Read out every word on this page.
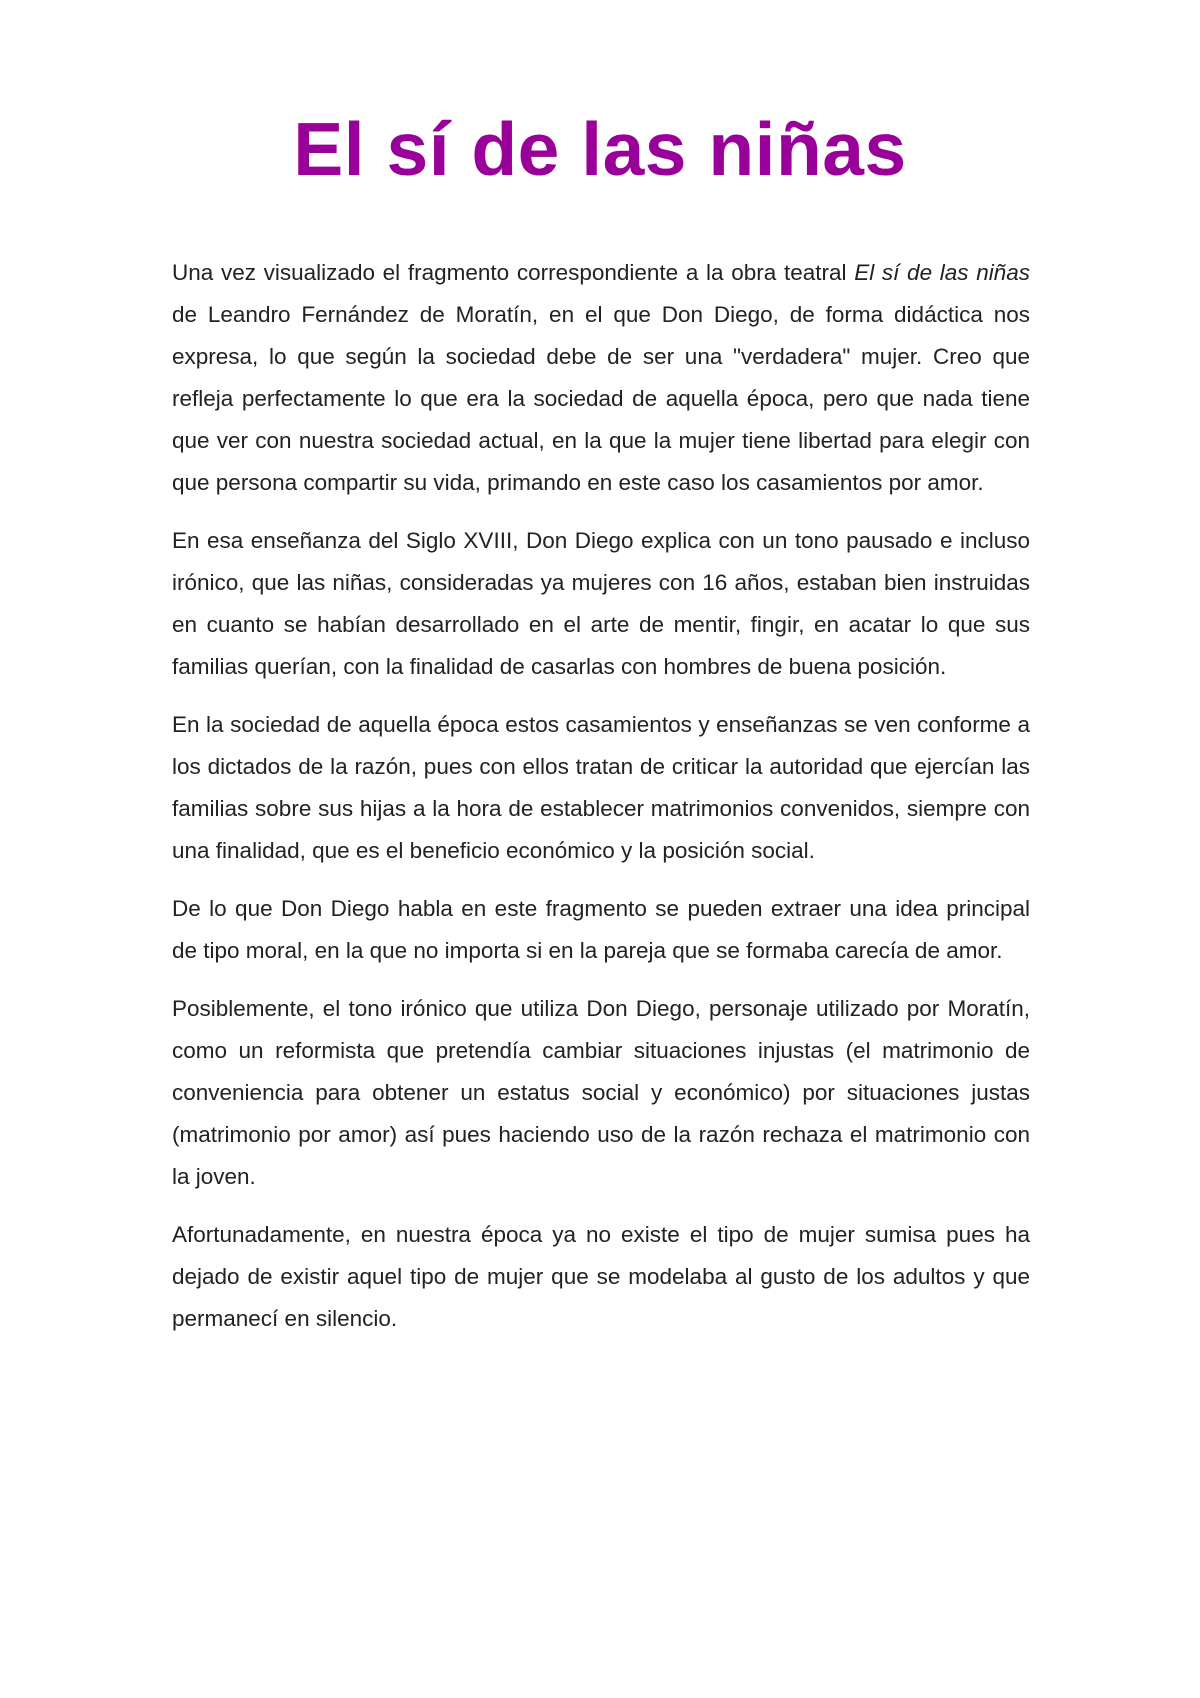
El sí de las niñas

Una vez visualizado el fragmento correspondiente a la obra teatral El sí de las niñas de Leandro Fernández de Moratín, en el que Don Diego, de forma didáctica nos expresa, lo que según la sociedad debe de ser una "verdadera" mujer. Creo que refleja perfectamente lo que era la sociedad de aquella época, pero que nada tiene que ver con nuestra sociedad actual, en la que la mujer tiene libertad para elegir con que persona compartir su vida, primando en este caso los casamientos por amor.

En esa enseñanza del Siglo XVIII, Don Diego explica con un tono pausado e incluso irónico, que las niñas, consideradas ya mujeres con 16 años, estaban bien instruidas en cuanto se habían desarrollado en el arte de mentir, fingir, en acatar lo que sus familias querían, con la finalidad de casarlas con hombres de buena posición.

En la sociedad de aquella época estos casamientos y enseñanzas se ven conforme a los dictados de la razón, pues con ellos tratan de criticar la autoridad que ejercían las familias sobre sus hijas a la hora de establecer matrimonios convenidos, siempre con una finalidad, que es el beneficio económico y la posición social.

De lo que Don Diego habla en este fragmento se pueden extraer una idea principal de tipo moral, en la que no importa si en la pareja que se formaba carecía de amor.

Posiblemente, el tono irónico que utiliza Don Diego, personaje utilizado por Moratín, como un reformista que pretendía cambiar situaciones injustas (el matrimonio de conveniencia para obtener un estatus social y económico) por situaciones justas (matrimonio por amor) así pues haciendo uso de la razón rechaza el matrimonio con la joven.

Afortunadamente, en nuestra época ya no existe el tipo de mujer sumisa pues ha dejado de existir aquel tipo de mujer que se modelaba al gusto de los adultos y que permanecí en silencio.
